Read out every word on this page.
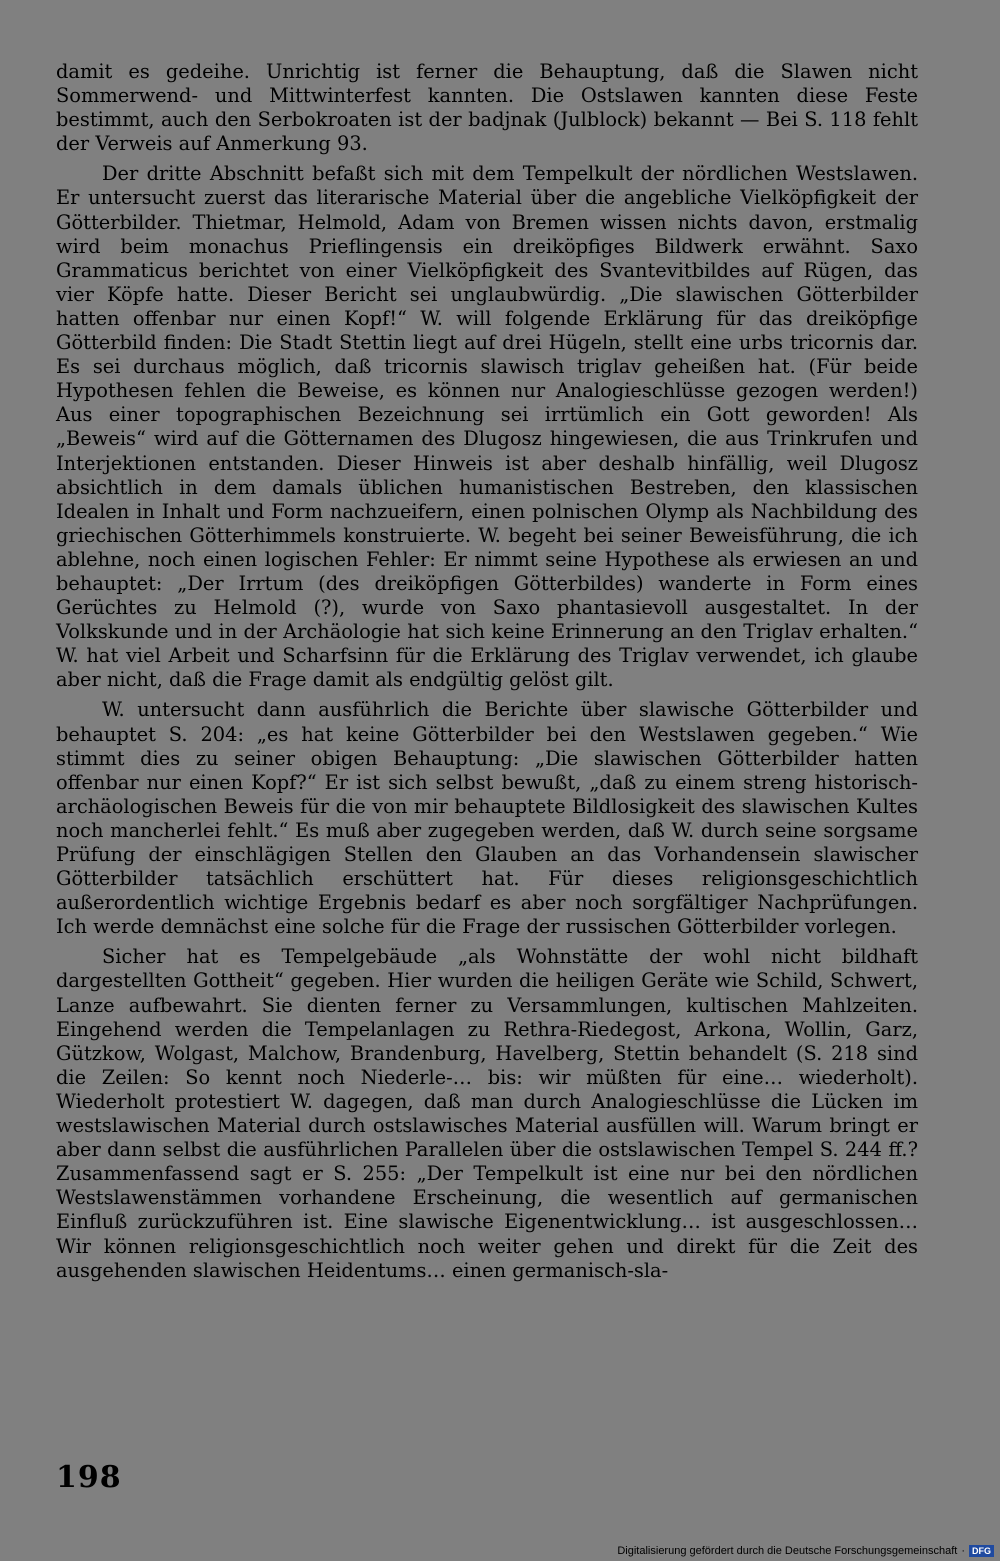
damit es gedeihe. Unrichtig ist ferner die Behauptung, daß die Slawen nicht Sommerwend- und Mittwinterfest kannten. Die Ostslawen kannten diese Feste bestimmt, auch den Serbokroaten ist der badjnak (Julblock) bekannt — Bei S. 118 fehlt der Verweis auf Anmerkung 93.

Der dritte Abschnitt befaßt sich mit dem Tempelkult der nördlichen Westslawen. Er untersucht zuerst das literarische Material über die angebliche Vielköpfigkeit der Götterbilder. Thietmar, Helmold, Adam von Bremen wissen nichts davon, erstmalig wird beim monachus Prieflingensis ein dreiköpfiges Bildwerk erwähnt. Saxo Grammaticus berichtet von einer Vielköpfigkeit des Svantevitbildes auf Rügen, das vier Köpfe hatte. Dieser Bericht sei unglaubwürdig. „Die slawischen Götterbilder hatten offenbar nur einen Kopf!“ W. will folgende Erklärung für das dreiköpfige Götterbild finden: Die Stadt Stettin liegt auf drei Hügeln, stellt eine urbs tricornis dar. Es sei durchaus möglich, daß tricornis slawisch triglav geheißen hat. (Für beide Hypothesen fehlen die Beweise, es können nur Analogieschlüsse gezogen werden!) Aus einer topographischen Bezeichnung sei irrtümlich ein Gott geworden! Als „Beweis“ wird auf die Götternamen des Dlugosz hingewiesen, die aus Trinkrufen und Interjektionen entstanden. Dieser Hinweis ist aber deshalb hinfällig, weil Dlugosz absichtlich in dem damals üblichen humanistischen Bestreben, den klassischen Idealen in Inhalt und Form nachzueifern, einen polnischen Olymp als Nachbildung des griechischen Götterhimmels konstruierte. W. begeht bei seiner Beweisführung, die ich ablehne, noch einen logischen Fehler: Er nimmt seine Hypothese als erwiesen an und behauptet: „Der Irrtum (des dreiköpfigen Götterbildes) wanderte in Form eines Gerüchtes zu Helmold (?), wurde von Saxo phantasievoll ausgestaltet. In der Volkskunde und in der Archäologie hat sich keine Erinnerung an den Triglav erhalten.“ W. hat viel Arbeit und Scharfsinn für die Erklärung des Triglav verwendet, ich glaube aber nicht, daß die Frage damit als endgültig gelöst gilt.

W. untersucht dann ausführlich die Berichte über slawische Götterbilder und behauptet S. 204: „es hat keine Götterbilder bei den Westslawen gegeben.“ Wie stimmt dies zu seiner obigen Behauptung: „Die slawischen Götterbilder hatten offenbar nur einen Kopf?“ Er ist sich selbst bewußt, „daß zu einem streng historisch-archäologischen Beweis für die von mir behauptete Bildlosigkeit des slawischen Kultes noch mancherlei fehlt.“ Es muß aber zugegeben werden, daß W. durch seine sorgsame Prüfung der einschlägigen Stellen den Glauben an das Vorhandensein slawischer Götterbilder tatsächlich erschüttert hat. Für dieses religionsgeschichtlich außerordentlich wichtige Ergebnis bedarf es aber noch sorgfältiger Nachprüfungen. Ich werde demnächst eine solche für die Frage der russischen Götterbilder vorlegen.

Sicher hat es Tempelgebäude „als Wohnstätte der wohl nicht bildhaft dargestellten Gottheit“ gegeben. Hier wurden die heiligen Geräte wie Schild, Schwert, Lanze aufbewahrt. Sie dienten ferner zu Versammlungen, kultischen Mahlzeiten. Eingehend werden die Tempelanlagen zu Rethra-Riedegost, Arkona, Wollin, Garz, Gützkow, Wolgast, Malchow, Brandenburg, Havelberg, Stettin behandelt (S. 218 sind die Zeilen: So kennt noch Niederle-… bis: wir müßten für eine… wiederholt). Wiederholt protestiert W. dagegen, daß man durch Analogieschlüsse die Lücken im westslawischen Material durch ostslawisches Material ausfüllen will. Warum bringt er aber dann selbst die ausführlichen Parallelen über die ostslawischen Tempel S. 244 ff.? Zusammenfassend sagt er S. 255: „Der Tempelkult ist eine nur bei den nördlichen Westslawenstämmen vorhandene Erscheinung, die wesentlich auf germanischen Einfluß zurückzuführen ist. Eine slawische Eigenentwicklung… ist ausgeschlossen… Wir können religionsgeschichtlich noch weiter gehen und direkt für die Zeit des ausgehenden slawischen Heidentums… einen germanisch-sla-

198
Digitalisierung gefördert durch die Deutsche Forschungsgemeinschaft · DFG
